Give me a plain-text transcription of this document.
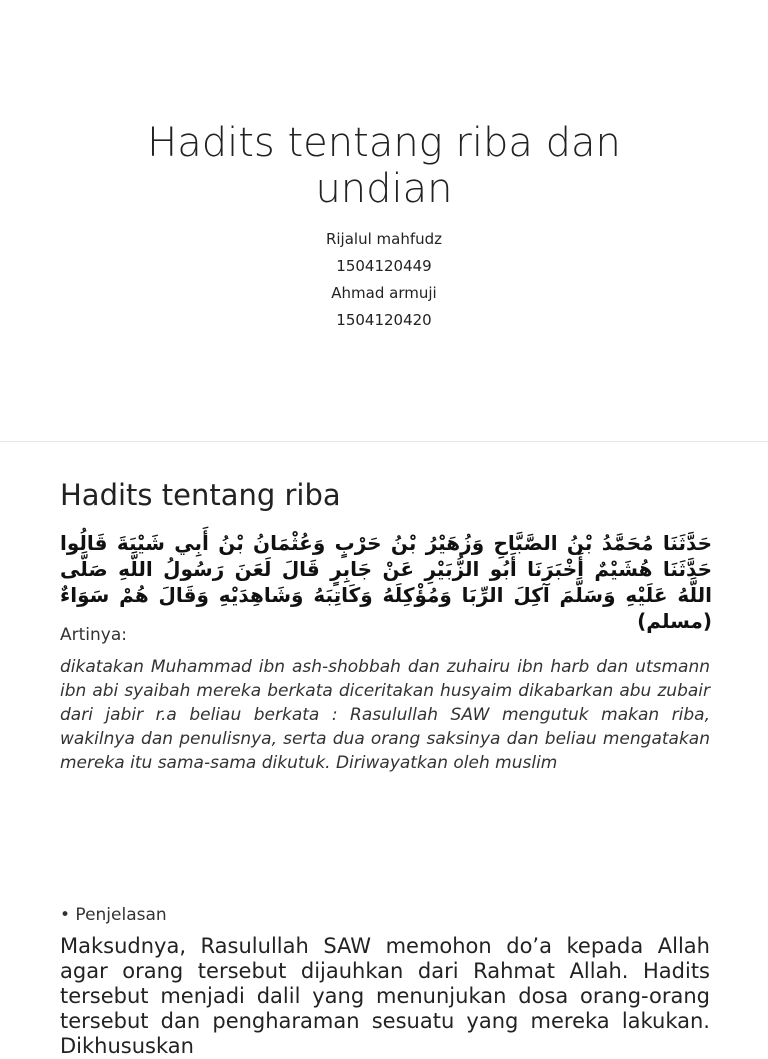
Hadits tentang riba dan undian
Rijalul mahfudz
1504120449
Ahmad armuji
1504120420
Hadits tentang riba
حَدَّثَنَا مُحَمَّدُ بْنُ الصَّبَّاحِ وَزُهَيْرُ بْنُ حَرْبٍ وَعُثْمَانُ بْنُ أَبِي شَيْبَةَ قَالُوا حَدَّثَنَا هُشَيْمٌ أَخْبَرَنَا أَبُو الزُّبَيْرِ عَنْ جَابِرٍ قَالَ لَعَنَ رَسُولُ اللَّهِ صَلَّى اللَّهُ عَلَيْهِ وَسَلَّمَ آكِلَ الرِّبَا وَمُؤْكِلَهُ وَكَاتِبَهُ وَشَاهِدَيْهِ وَقَالَ هُمْ سَوَاءٌ (مسلم)
Artinya:
dikatakan Muhammad ibn ash-shobbah dan zuhairu ibn harb dan utsmann ibn abi syaibah mereka berkata diceritakan husyaim dikabarkan abu zubair dari jabir r.a beliau berkata : Rasulullah SAW mengutuk makan riba, wakilnya dan penulisnya, serta dua orang saksinya dan beliau mengatakan mereka itu sama-sama dikutuk. Diriwayatkan oleh muslim
• Penjelasan
Maksudnya, Rasulullah SAW memohon do’a kepada Allah agar orang tersebut dijauhkan dari Rahmat Allah. Hadits tersebut menjadi dalil yang menunjukan dosa orang-orang tersebut dan pengharaman sesuatu yang mereka lakukan. Dikhususkan
